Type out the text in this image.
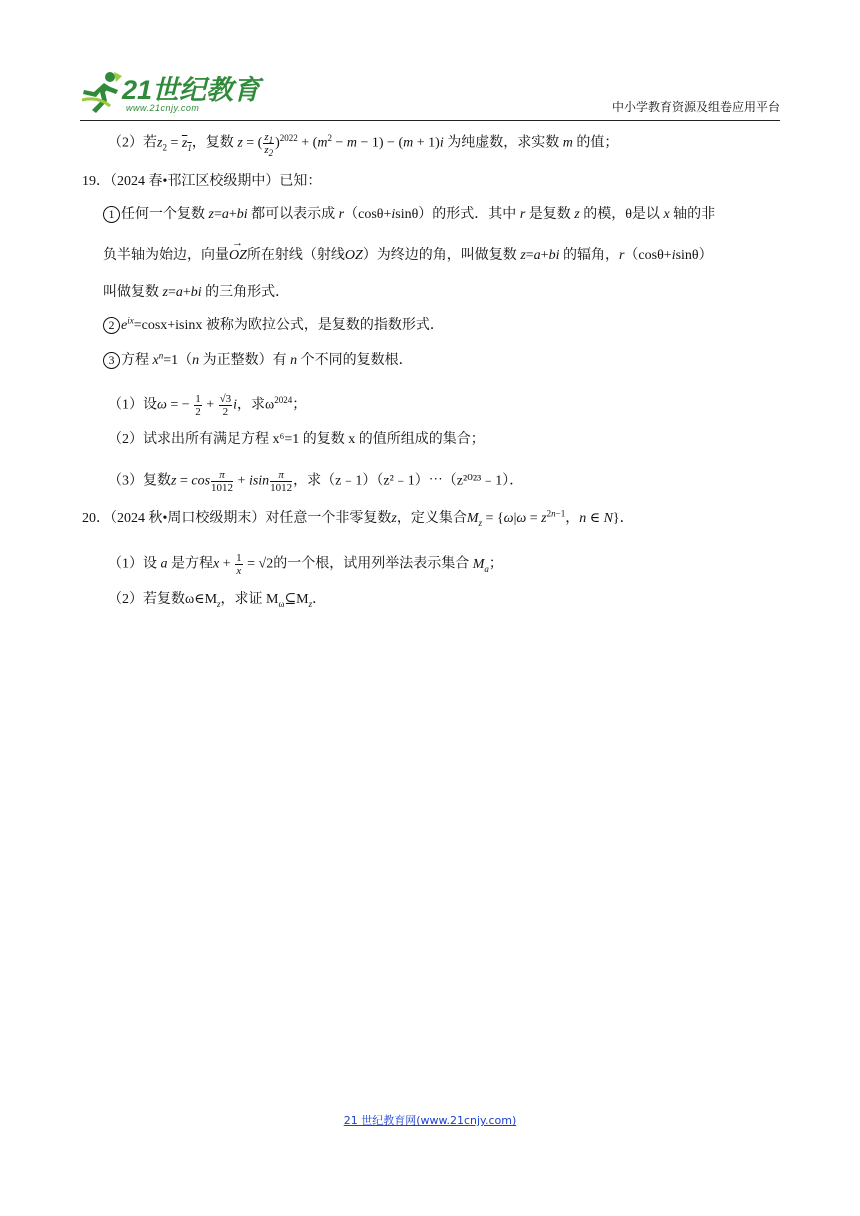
21世纪教育
www.21cnjy.com	中小学教育资源及组卷应用平台
（2）若$z_2 = z_1$，复数 z = ( $\frac{z_1}{z_2} )^{2022} + (m^2 - m - 1) - (m + 1)i$ 为纯虚数，求实数 m 的值；
19．（2024 春•邗江区校级期中）已知：
1 任何一个复数 z=a+bi 都可以表示成 r（cosθ+isinθ）的形式．其中 r 是复数 z 的模，θ是以 x 轴的非
负半轴为始边，向量→ OZ所在射线（射线OZ）为终边的角，叫做复数 z=a+bi 的辐角，r（cosθ+isinθ）
叫做复数 z=a+bi 的三角形式．
2 $e^{ix}=\cos x+isinx$ 被称为欧拉公式，是复数的指数形式．
3 方程 $x^n=1(n$ 为正整数）有 n 个不同的复数根．
（1）设ω = − $\frac{1}{2} + \frac{√3}{2}$ i，求$\omega^{2024}$；
（2）试求出所有满足方程 x⁶=1 的复数 x 的值所组成的集合；
（3）复数$z = \cos \frac{\pi}{1012} + isin \frac{\pi}{1012}$ ，求（z﹣1）（z²﹣1）⋯（z²⁰²³﹣1）．
20．（2024 秋•周口校级期末）对任意一个非零复数z，定义集合$M_z = \{\omega|\omega = z^{2n-1}$，n ∈ N}．
（1）设 a 是方程$x + \frac{1}{x} = √2$的一个根，试用列举法表示集合 $M_a$；
（2）若复数$\omega\in M_z$，求证 $M_\omega⊆M_z$．
21 世纪教育网(www.21cnjy.com)
